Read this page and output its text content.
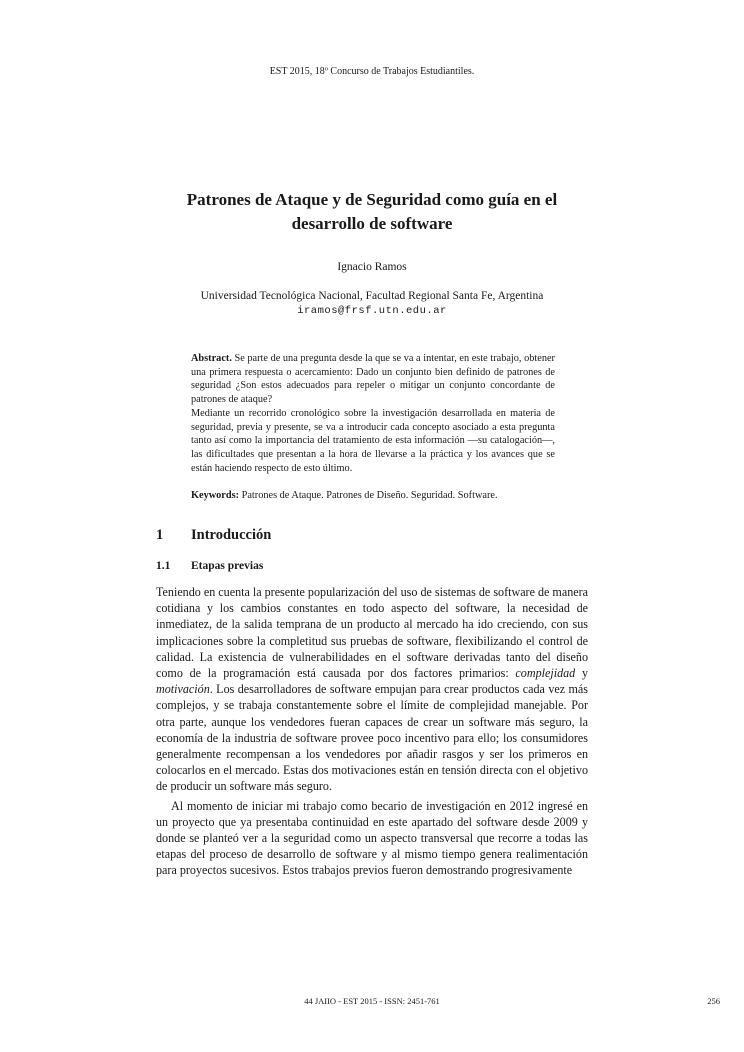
EST 2015, 18º Concurso de Trabajos Estudiantiles.
Patrones de Ataque y de Seguridad como guía en el
desarrollo de software
Ignacio Ramos
Universidad Tecnológica Nacional, Facultad Regional Santa Fe, Argentina
iramos@frsf.utn.edu.ar

Abstract. Se parte de una pregunta desde la que se va a intentar, en este trabajo, obtener una primera respuesta o acercamiento: Dado un conjunto bien definido de patrones de seguridad ¿Son estos adecuados para repeler o mitigar un conjunto concordante de patrones de ataque?

Mediante un recorrido cronológico sobre la investigación desarrollada en materia de seguridad, previa y presente, se va a introducir cada concepto asociado a esta pregunta tanto así como la importancia del tratamiento de esta información —su catalogación—, las dificultades que presentan a la hora de llevarse a la práctica y los avances que se están haciendo respecto de esto último.

Keywords: Patrones de Ataque. Patrones de Diseño. Seguridad. Software.
1 Introducción
1.1 Etapas previas

Teniendo en cuenta la presente popularización del uso de sistemas de software de manera cotidiana y los cambios constantes en todo aspecto del software, la necesidad de inmediatez, de la salida temprana de un producto al mercado ha ido creciendo, con sus implicaciones sobre la completitud sus pruebas de software, flexibilizando el control de calidad. La existencia de vulnerabilidades en el software derivadas tanto del diseño como de la programación está causada por dos factores primarios: complejidad y motivación. Los desarrolladores de software empujan para crear productos cada vez más complejos, y se trabaja constantemente sobre el límite de complejidad manejable. Por otra parte, aunque los vendedores fueran capaces de crear un software más seguro, la economía de la industria de software provee poco incentivo para ello; los consumidores generalmente recompensan a los vendedores por añadir rasgos y ser los primeros en colocarlos en el mercado. Estas dos motivaciones están en tensión directa con el objetivo de producir un software más seguro.

Al momento de iniciar mi trabajo como becario de investigación en 2012 ingresé en un proyecto que ya presentaba continuidad en este apartado del software desde 2009 y donde se planteó ver a la seguridad como un aspecto transversal que recorre a todas las etapas del proceso de desarrollo de software y al mismo tiempo genera realimentación para proyectos sucesivos. Estos trabajos previos fueron demostrando progresivamente

44 JAIIO - EST 2015 - ISSN: 2451-761	256
